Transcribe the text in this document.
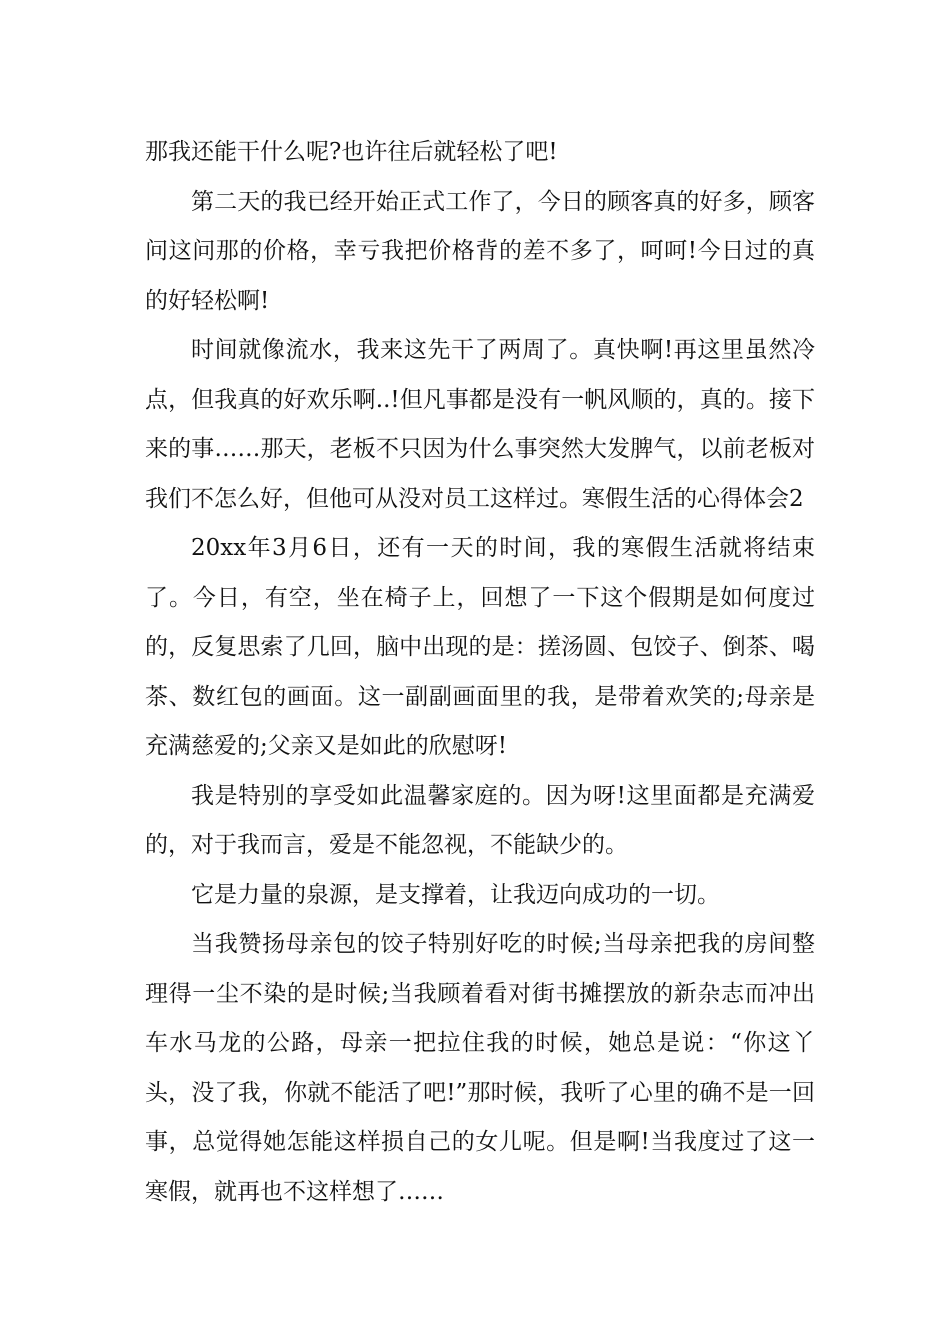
那我还能干什么呢?也许往后就轻松了吧!

第二天的我已经开始正式工作了，今日的顾客真的好多，顾客问这问那的价格，幸亏我把价格背的差不多了，呵呵!今日过的真的好轻松啊!

时间就像流水，我来这先干了两周了。真快啊!再这里虽然冷点，但我真的好欢乐啊..!但凡事都是没有一帆风顺的，真的。接下来的事……那天，老板不只因为什么事突然大发脾气，以前老板对我们不怎么好，但他可从没对员工这样过。寒假生活的心得体会2

20xx年3月6日，还有一天的时间，我的寒假生活就将结束了。今日，有空，坐在椅子上，回想了一下这个假期是如何度过的，反复思索了几回，脑中出现的是：搓汤圆、包饺子、倒茶、喝茶、数红包的画面。这一副副画面里的我，是带着欢笑的;母亲是充满慈爱的;父亲又是如此的欣慰呀!

我是特别的享受如此温馨家庭的。因为呀!这里面都是充满爱的，对于我而言，爱是不能忽视，不能缺少的。

它是力量的泉源，是支撑着，让我迈向成功的一切。

当我赞扬母亲包的饺子特别好吃的时候;当母亲把我的房间整理得一尘不染的是时候;当我顾着看对街书摊摆放的新杂志而冲出车水马龙的公路，母亲一把拉住我的时候，她总是说：“你这丫头，没了我，你就不能活了吧!”那时候，我听了心里的确不是一回事，总觉得她怎能这样损自己的女儿呢。但是啊!当我度过了这一寒假，就再也不这样想了……
